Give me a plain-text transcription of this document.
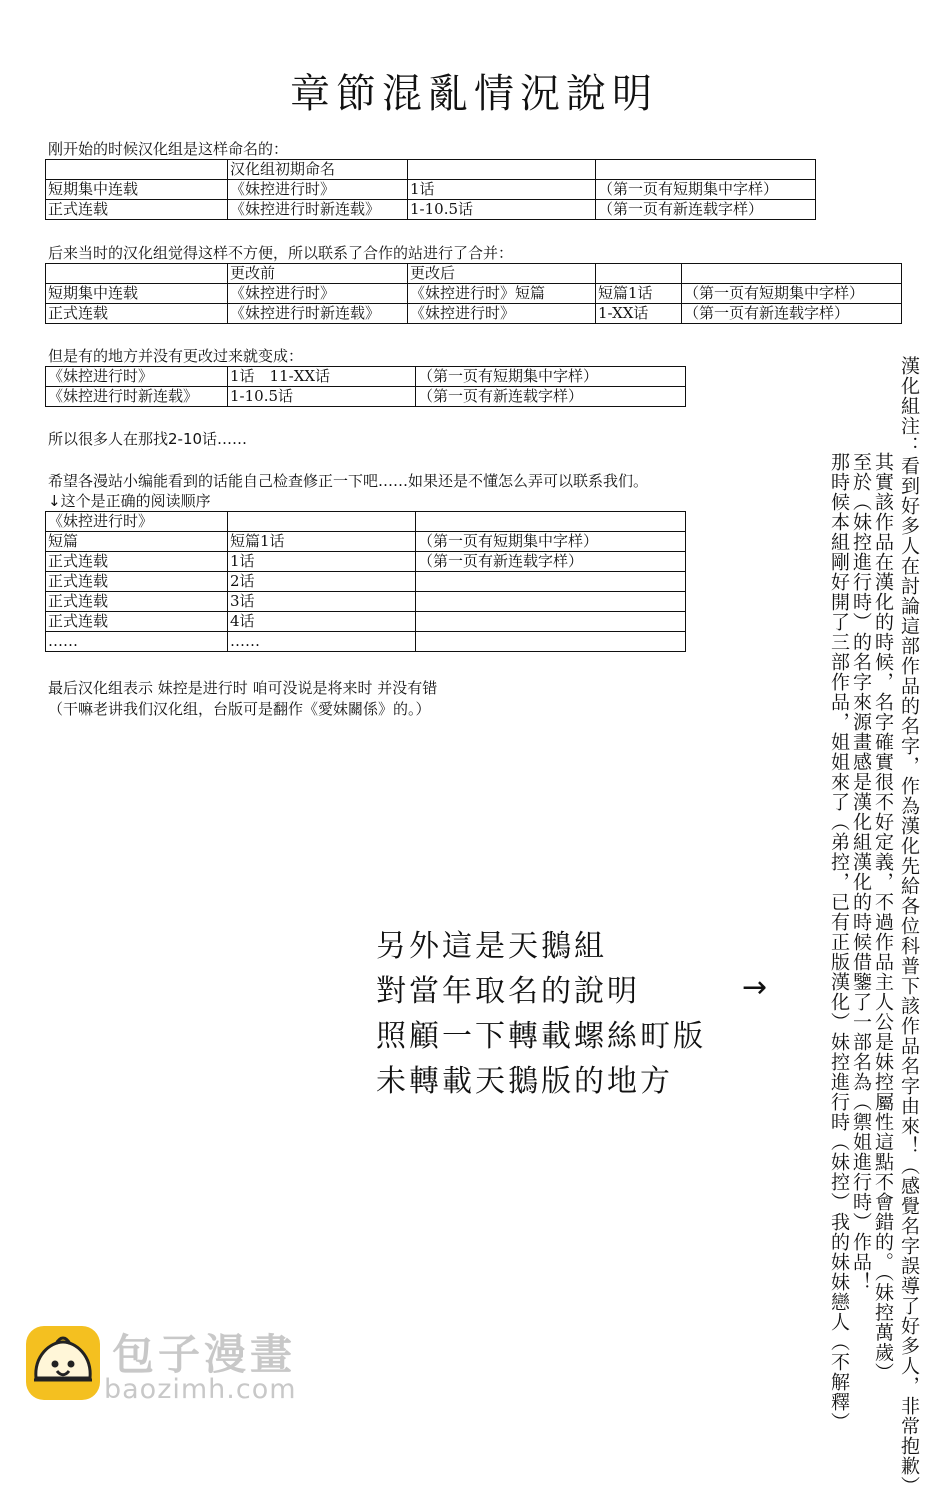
章節混亂情況說明
刚开始的时候汉化组是这样命名的：
	汉化组初期命名		
短期集中连载	《妹控进行时》	1话	（第一页有短期集中字样）
正式连载	《妹控进行时新连载》	1-10.5话	（第一页有新连载字样）
后来当时的汉化组觉得这样不方便，所以联系了合作的站进行了合并：
	更改前	更改后		
短期集中连载	《妹控进行时》	《妹控进行时》短篇	短篇1话	（第一页有短期集中字样）
正式连载	《妹控进行时新连载》	《妹控进行时》	1-XX话	（第一页有新连载字样）
但是有的地方并没有更改过来就变成：
《妹控进行时》	1话　11-XX话	（第一页有短期集中字样）
《妹控进行时新连载》	1-10.5话	（第一页有新连载字样）
所以很多人在那找2-10话……
希望各漫站小编能看到的话能自己检查修正一下吧……如果还是不懂怎么弄可以联系我们。
↓这个是正确的阅读顺序
《妹控进行时》		
短篇	短篇1话	（第一页有短期集中字样）
正式连载	1话	（第一页有新连载字样）
正式连载	2话	
正式连载	3话	
正式连载	4话	
……	……	
最后汉化组表示 妹控是进行时 咱可没说是将来时 并没有错
（干嘛老讲我们汉化组，台版可是翻作《愛妹關係》的。）	漢化組注：看到好多人在討論這部作品的名字，作為漢化先給各位科普下該作品名字由來！（感覺名字誤導了好多人，非常抱歉）
其實該作品在漢化的時候，名字確實很不好定義，不過作品主人公是妹控屬性這點不會錯的。（妹控萬歲）
至於（妹控進行時）的名字來源畫感是漢化組漢化的時候借鑒了一部名為（禦姐進行時）作品！
那時候本組剛好開了三部作品，姐姐來了（弟控，已有正版漢化）妹控進行時（妹控）我的妹妹戀人（不解釋）
另外這是天鵝組
對當年取名的說明
照顧一下轉載螺絲町版
未轉載天鵝版的地方
→
包子漫畫
baozimh.com
